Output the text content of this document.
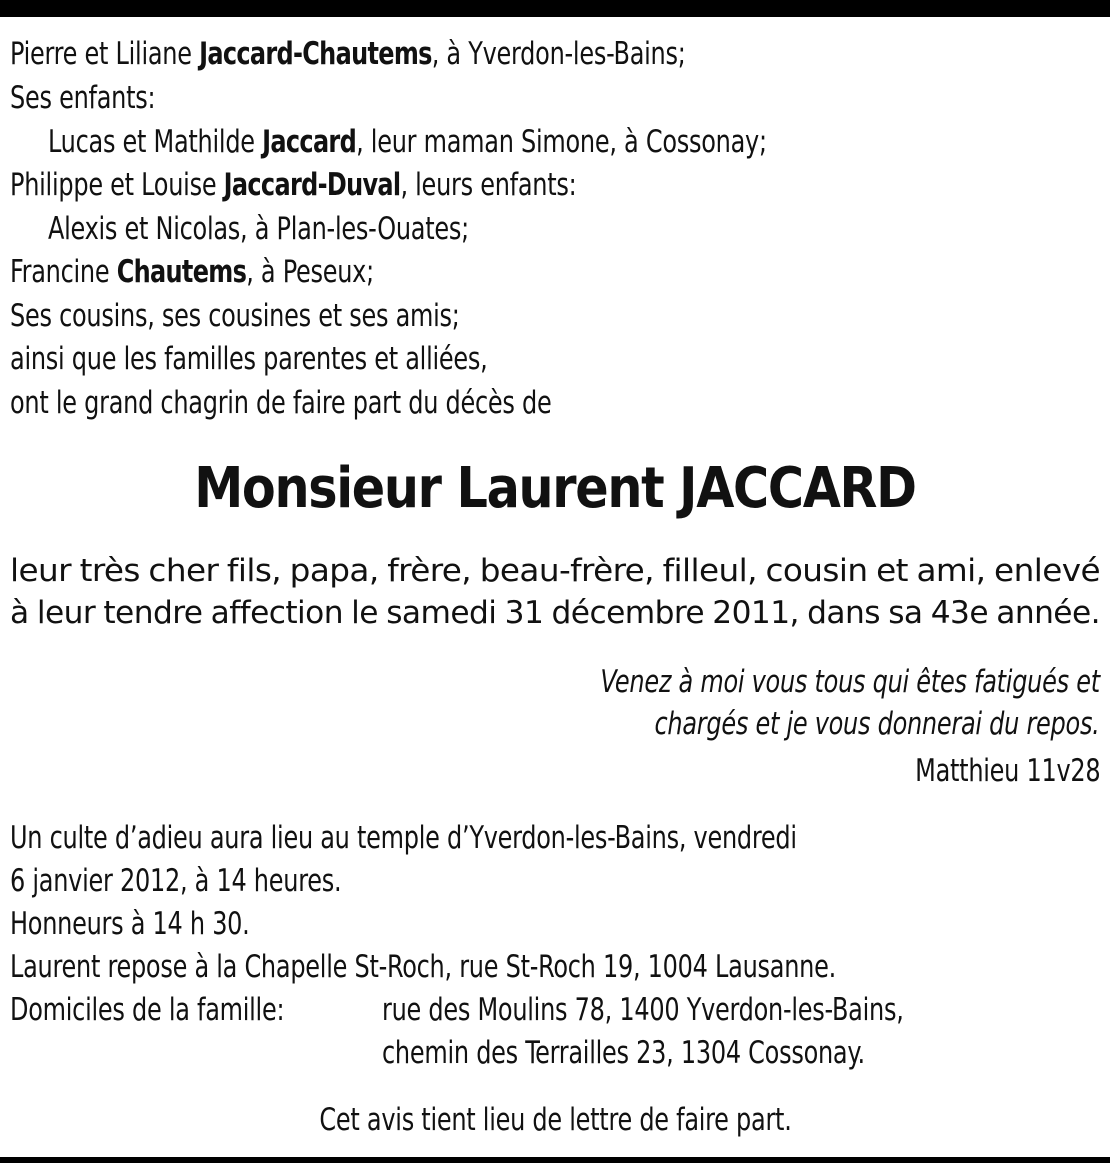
Pierre et Liliane Jaccard-Chautems, à Yverdon-les-Bains;
Ses enfants:
Lucas et Mathilde Jaccard, leur maman Simone, à Cossonay;
Philippe et Louise Jaccard-Duval, leurs enfants:
Alexis et Nicolas, à Plan-les-Ouates;
Francine Chautems, à Peseux;
Ses cousins, ses cousines et ses amis;
ainsi que les familles parentes et alliées,
ont le grand chagrin de faire part du décès de
Monsieur Laurent JACCARD
leur très cher fils, papa, frère, beau-frère, filleul, cousin et ami, enlevé
à leur tendre affection le samedi 31 décembre 2011, dans sa 43e année.
Venez à moi vous tous qui êtes fatigués et
chargés et je vous donnerai du repos.
Matthieu 11v28
Un culte d’adieu aura lieu au temple d’Yverdon-les-Bains, vendredi
6 janvier 2012, à 14 heures.
Honneurs à 14 h 30.
Laurent repose à la Chapelle St-Roch, rue St-Roch 19, 1004 Lausanne.
Domiciles de la famille:	rue des Moulins 78, 1400 Yverdon-les-Bains,
chemin des Terrailles 23, 1304 Cossonay.
Cet avis tient lieu de lettre de faire part.
